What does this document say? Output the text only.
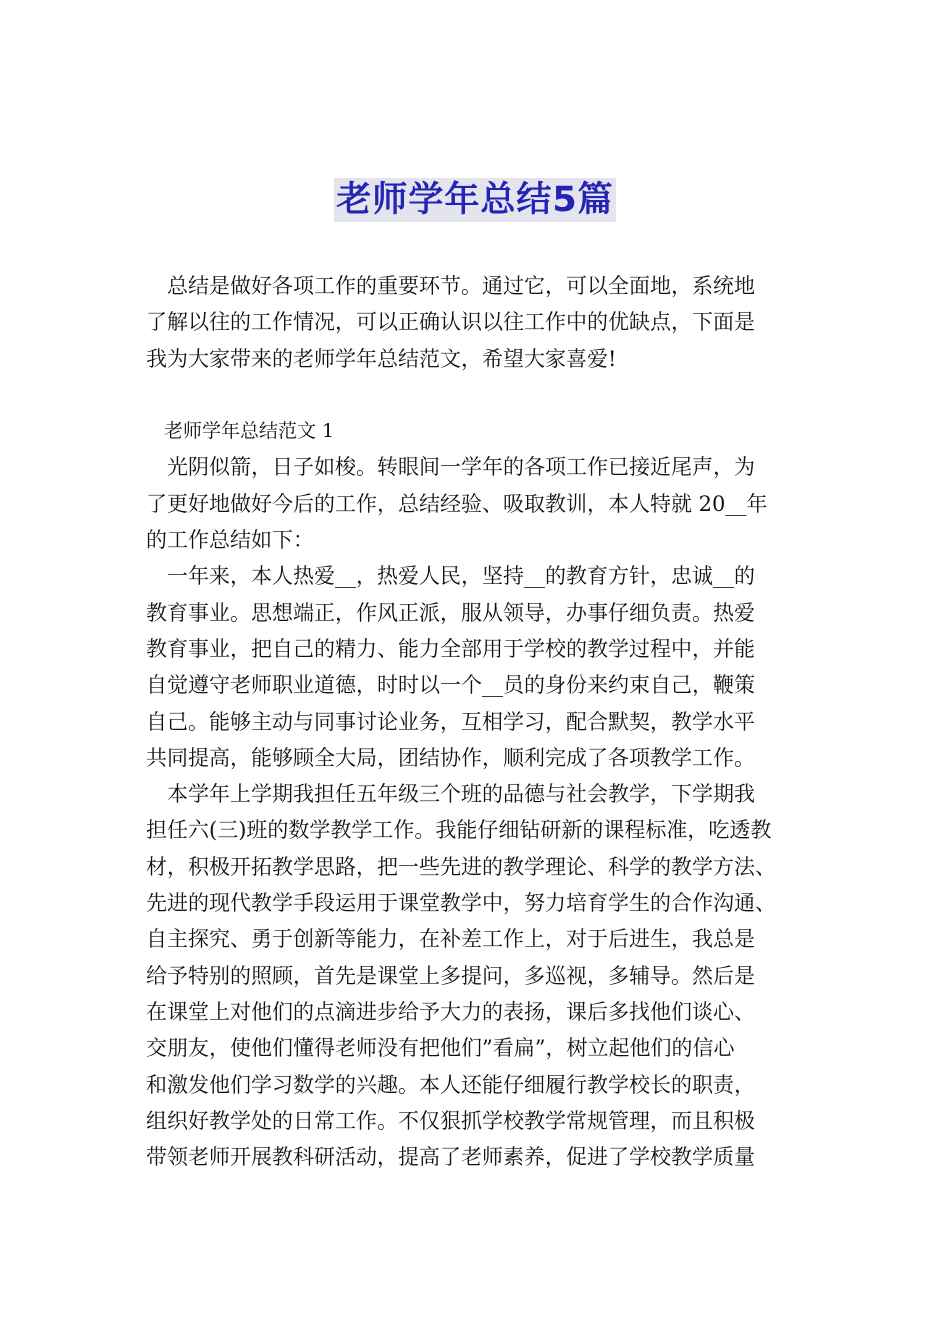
老师学年总结5篇
总结是做好各项工作的重要环节。通过它，可以全面地，系统地
了解以往的工作情况，可以正确认识以往工作中的优缺点，下面是
我为大家带来的老师学年总结范文，希望大家喜爱!
老师学年总结范文 1
光阴似箭，日子如梭。转眼间一学年的各项工作已接近尾声，为
了更好地做好今后的工作，总结经验、吸取教训，本人特就 20__年
的工作总结如下：
一年来，本人热爱__，热爱人民，坚持__的教育方针，忠诚__的
教育事业。思想端正，作风正派，服从领导，办事仔细负责。热爱
教育事业，把自己的精力、能力全部用于学校的教学过程中，并能
自觉遵守老师职业道德，时时以一个__员的身份来约束自己，鞭策
自己。能够主动与同事讨论业务，互相学习，配合默契，教学水平
共同提高，能够顾全大局，团结协作，顺利完成了各项教学工作。
本学年上学期我担任五年级三个班的品德与社会教学，下学期我
担任六(三)班的数学教学工作。我能仔细钻研新的课程标准，吃透教
材，积极开拓教学思路，把一些先进的教学理论、科学的教学方法、
先进的现代教学手段运用于课堂教学中，努力培育学生的合作沟通、
自主探究、勇于创新等能力，在补差工作上，对于后进生，我总是
给予特别的照顾，首先是课堂上多提问，多巡视，多辅导。然后是
在课堂上对他们的点滴进步给予大力的表扬，课后多找他们谈心、
交朋友，使他们懂得老师没有把他们”看扁”，树立起他们的信心
和激发他们学习数学的兴趣。本人还能仔细履行教学校长的职责，
组织好教学处的日常工作。不仅狠抓学校教学常规管理，而且积极
带领老师开展教科研活动，提高了老师素养，促进了学校教学质量
